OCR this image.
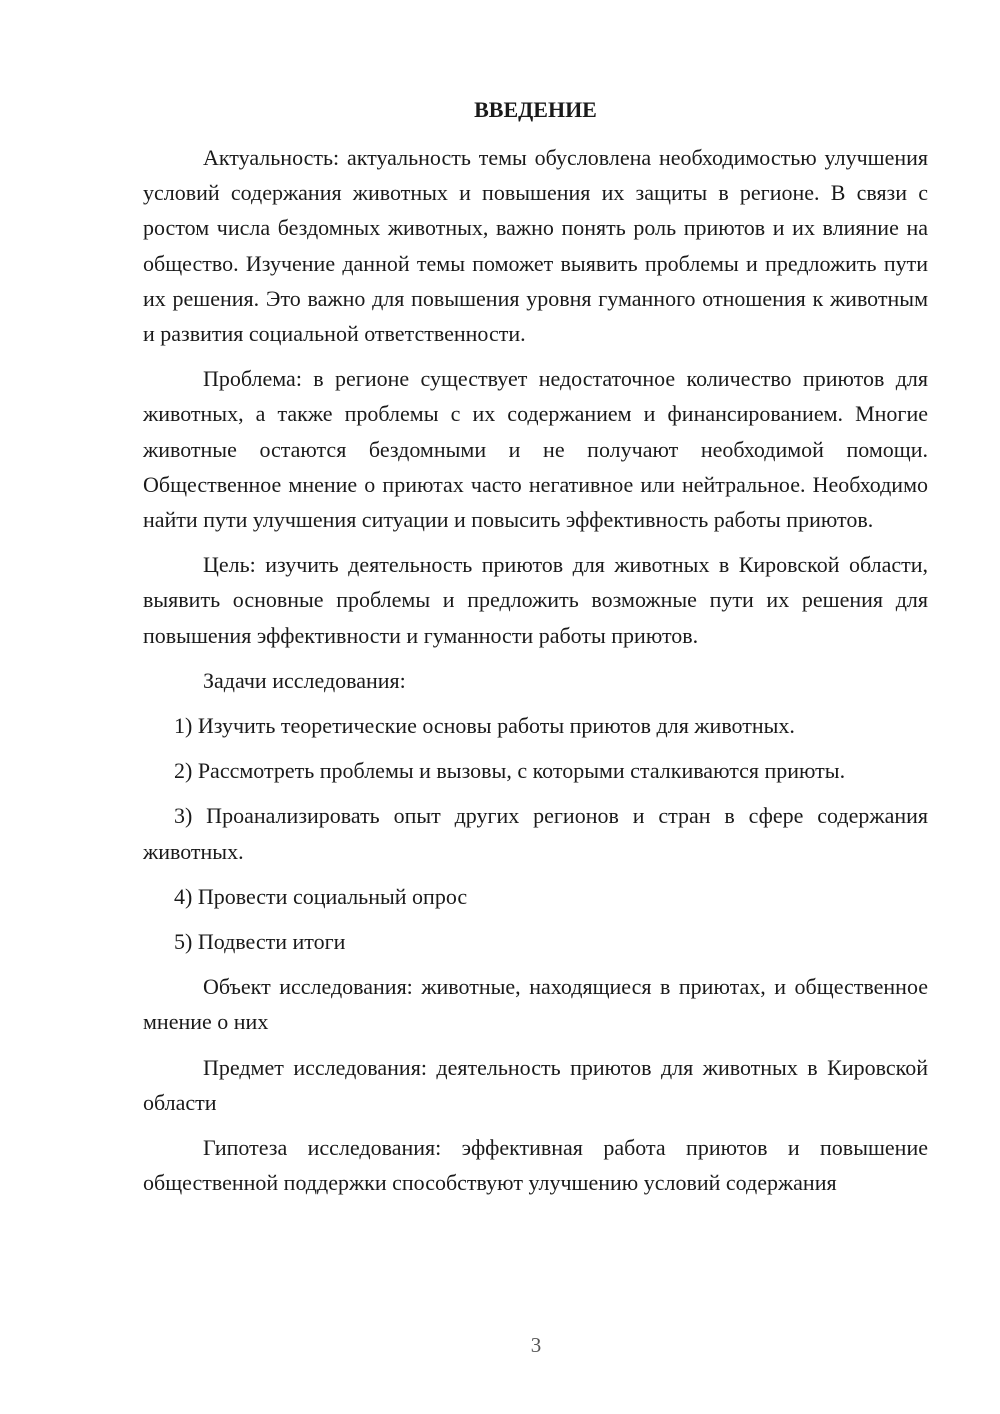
ВВЕДЕНИЕ

Актуальность: актуальность темы обусловлена необходимостью улучшения условий содержания животных и повышения их защиты в регионе. В связи с ростом числа бездомных животных, важно понять роль приютов и их влияние на общество. Изучение данной темы поможет выявить проблемы и предложить пути их решения. Это важно для повышения уровня гуманного отношения к животным и развития социальной ответственности.

Проблема: в регионе существует недостаточное количество приютов для животных, а также проблемы с их содержанием и финансированием. Многие животные остаются бездомными и не получают необходимой помощи. Общественное мнение о приютах часто негативное или нейтральное. Необходимо найти пути улучшения ситуации и повысить эффективность работы приютов.

Цель: изучить деятельность приютов для животных в Кировской области, выявить основные проблемы и предложить возможные пути их решения для повышения эффективности и гуманности работы приютов.

Задачи исследования:

1) Изучить теоретические основы работы приютов для животных.

2) Рассмотреть проблемы и вызовы, с которыми сталкиваются приюты.

3) Проанализировать опыт других регионов и стран в сфере содержания животных.

4) Провести социальный опрос

5) Подвести итоги

Объект исследования: животные, находящиеся в приютах, и общественное мнение о них

Предмет исследования: деятельность приютов для животных в Кировской области

Гипотеза исследования: эффективная работа приютов и повышение общественной поддержки способствуют улучшению условий содержания

3
